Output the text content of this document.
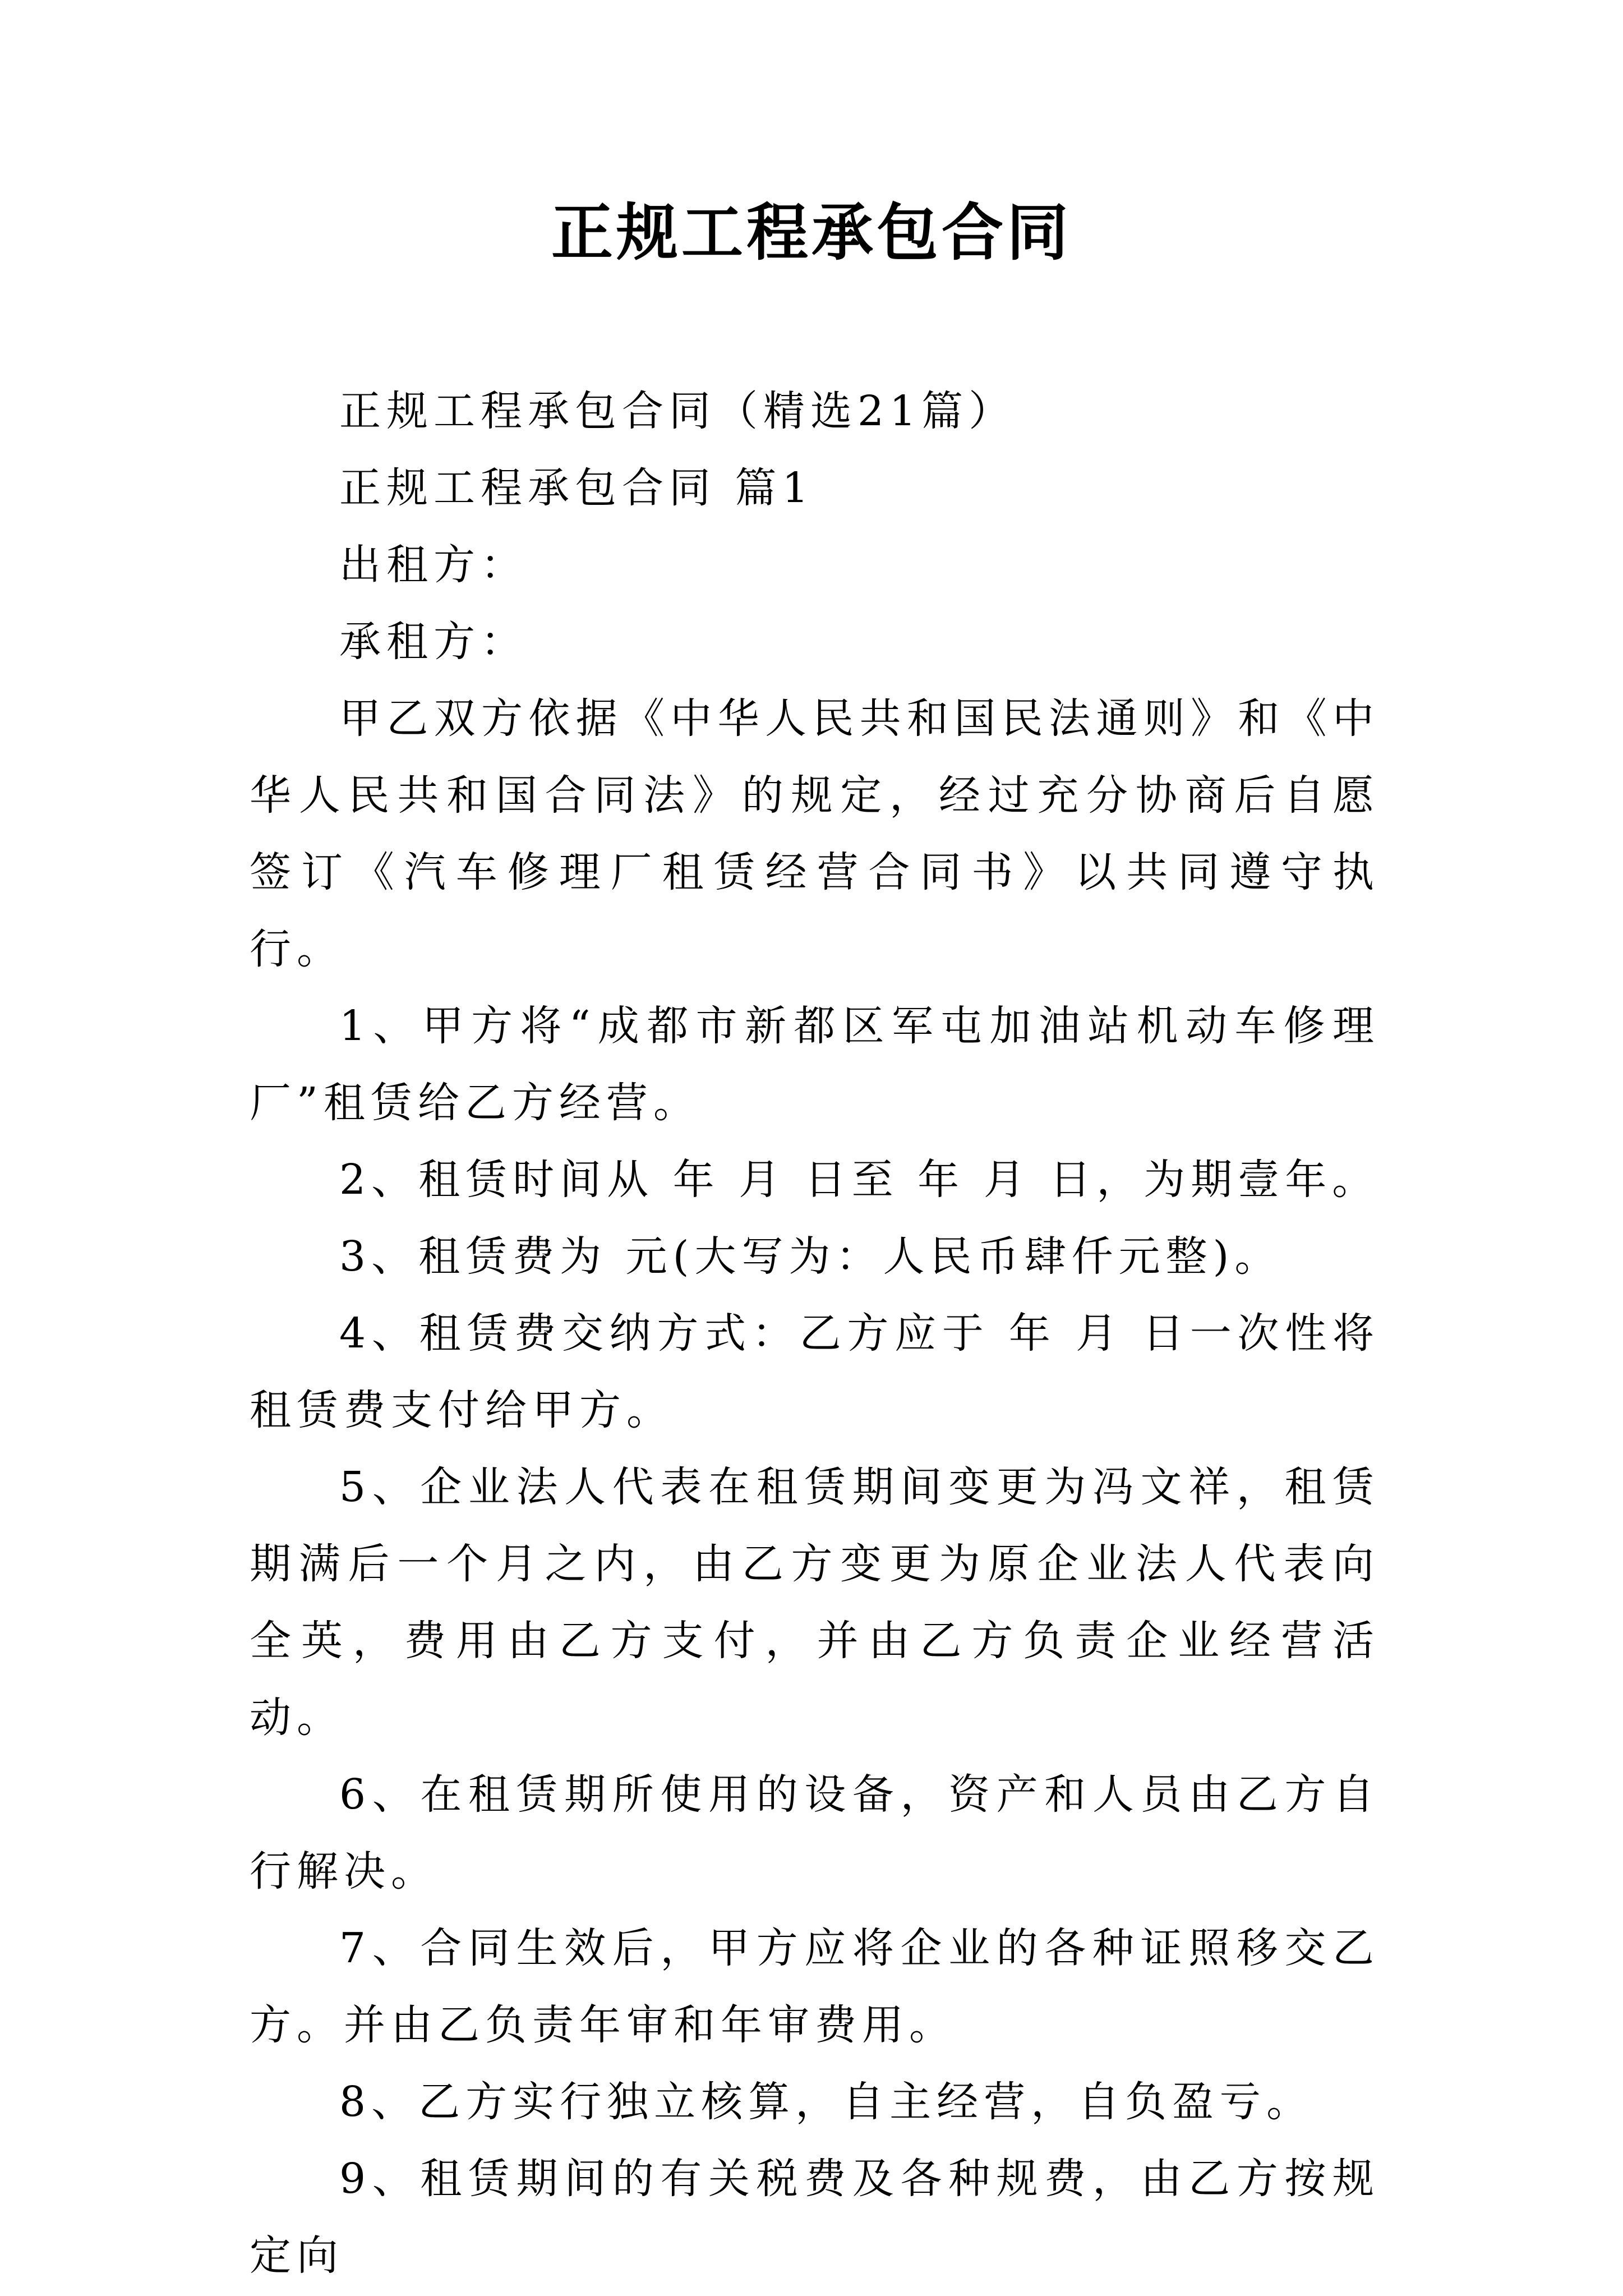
正规工程承包合同

正规工程承包合同（精选21篇）

正规工程承包合同 篇1

出租方：

承租方：

甲乙双方依据《中华人民共和国民法通则》和《中华人民共和国合同法》的规定，经过充分协商后自愿签订《汽车修理厂租赁经营合同书》以共同遵守执行。

1、甲方将“成都市新都区军屯加油站机动车修理厂”租赁给乙方经营。

2、租赁时间从 年 月 日至 年 月 日，为期壹年。

3、租赁费为 元(大写为：人民币肆仟元整)。

4、租赁费交纳方式：乙方应于 年 月 日一次性将租赁费支付给甲方。

5、企业法人代表在租赁期间变更为冯文祥，租赁期满后一个月之内，由乙方变更为原企业法人代表向全英，费用由乙方支付，并由乙方负责企业经营活动。

6、在租赁期所使用的设备，资产和人员由乙方自行解决。

7、合同生效后，甲方应将企业的各种证照移交乙方。并由乙负责年审和年审费用。

8、乙方实行独立核算，自主经营，自负盈亏。

9、租赁期间的有关税费及各种规费，由乙方按规定向
